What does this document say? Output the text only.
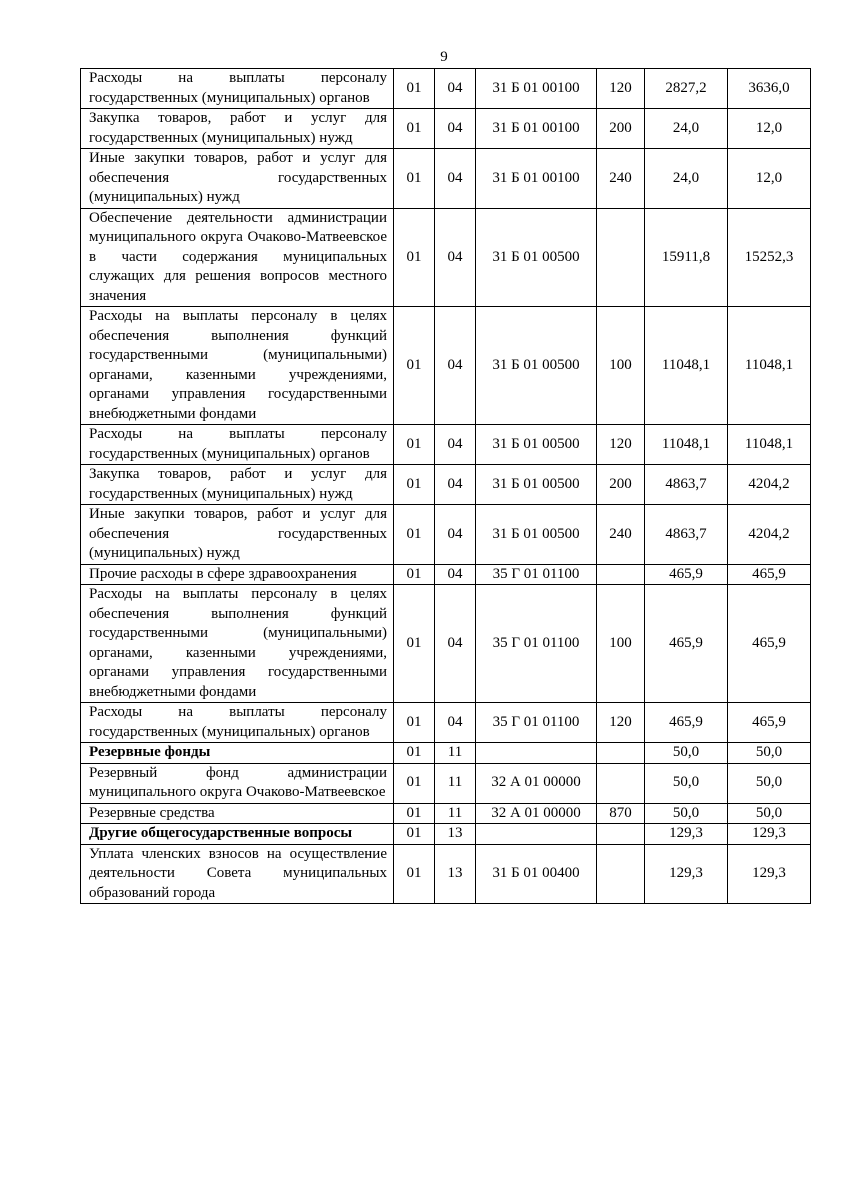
9
Расходы на выплаты персоналу государственных (муниципальных) органов	01	04	31 Б 01 00100	120	2827,2	3636,0
Закупка товаров, работ и услуг для государственных (муниципальных) нужд	01	04	31 Б 01 00100	200	24,0	12,0
Иные закупки товаров, работ и услуг для обеспечения государственных (муниципальных) нужд	01	04	31 Б 01 00100	240	24,0	12,0
Обеспечение деятельности администрации муниципального округа Очаково-Матвеевское в части содержания муниципальных служащих для решения вопросов местного значения	01	04	31 Б 01 00500		15911,8	15252,3
Расходы на выплаты персоналу в целях обеспечения выполнения функций государственными (муниципальными) органами, казенными учреждениями, органами управления государственными внебюджетными фондами	01	04	31 Б 01 00500	100	11048,1	11048,1
Расходы на выплаты персоналу государственных (муниципальных) органов	01	04	31 Б 01 00500	120	11048,1	11048,1
Закупка товаров, работ и услуг для государственных (муниципальных) нужд	01	04	31 Б 01 00500	200	4863,7	4204,2
Иные закупки товаров, работ и услуг для обеспечения государственных (муниципальных) нужд	01	04	31 Б 01 00500	240	4863,7	4204,2
Прочие расходы в сфере здравоохранения	01	04	35 Г 01 01100		465,9	465,9
Расходы на выплаты персоналу в целях обеспечения выполнения функций государственными (муниципальными) органами, казенными учреждениями, органами управления государственными внебюджетными фондами	01	04	35 Г 01 01100	100	465,9	465,9
Расходы на выплаты персоналу государственных (муниципальных) органов	01	04	35 Г 01 01100	120	465,9	465,9
Резервные фонды	01	11			50,0	50,0
Резервный фонд администрации муниципального округа Очаково-Матвеевское	01	11	32 А 01 00000		50,0	50,0
Резервные средства	01	11	32 А 01 00000	870	50,0	50,0
Другие общегосударственные вопросы	01	13			129,3	129,3
Уплата членских взносов на осуществление деятельности Совета муниципальных образований города	01	13	31 Б 01 00400		129,3	129,3
